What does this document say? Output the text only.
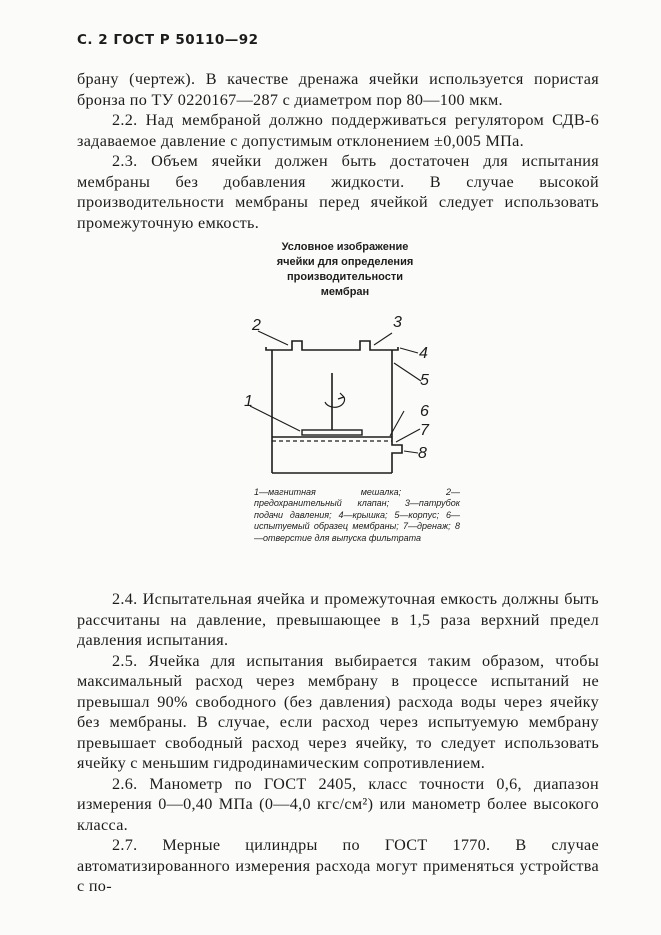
С. 2 ГОСТ Р 50110—92

брану (чертеж). В качестве дренажа ячейки используется пористая бронза по ТУ 0220167—287 с диаметром пор 80—100 мкм.

2.2. Над мембраной должно поддерживаться регулятором СДВ-6 задаваемое давление с допустимым отклонением ±0,005 МПа.

2.3. Объем ячейки должен быть достаточен для испытания мембраны без добавления жидкости. В случае высокой производительности мембраны перед ячейкой следует использовать промежуточную емкость.

Условное изображение
ячейки для определения
производительности
мембран
1
2	3
4
5
6
7
8
1—магнитная мешалка; 2—предохранительный клапан; 3—патрубок подачи давления; 4—крышка; 5—корпус; 6—испытуемый образец мембраны; 7—дренаж; 8—отверстие для выпуска фильтрата

2.4. Испытательная ячейка и промежуточная емкость должны быть рассчитаны на давление, превышающее в 1,5 раза верхний предел давления испытания.

2.5. Ячейка для испытания выбирается таким образом, чтобы максимальный расход через мембрану в процессе испытаний не превышал 90% свободного (без давления) расхода воды через ячейку без мембраны. В случае, если расход через испытуемую мембрану превышает свободный расход через ячейку, то следует использовать ячейку с меньшим гидродинамическим сопротивлением.

2.6. Манометр по ГОСТ 2405, класс точности 0,6, диапазон измерения 0—0,40 МПа (0—4,0 кгс/см²) или манометр более высокого класса.

2.7. Мерные цилиндры по ГОСТ 1770. В случае автоматизированного измерения расхода могут применяться устройства с по-
